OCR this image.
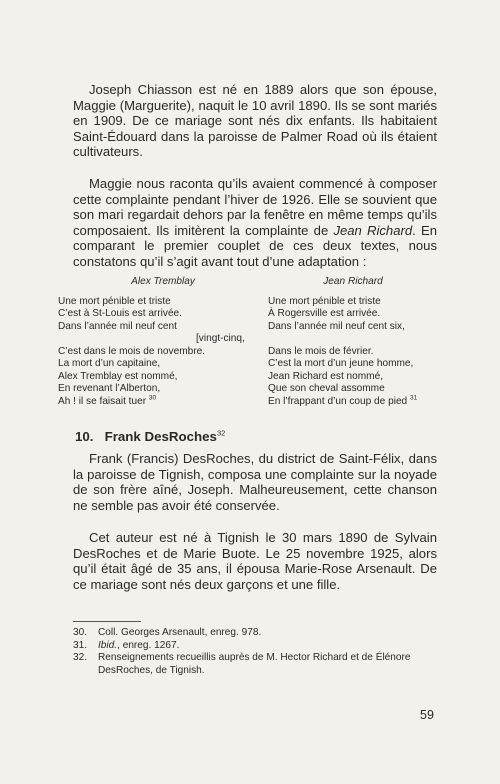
Joseph Chiasson est né en 1889 alors que son épouse, Maggie (Marguerite), naquit le 10 avril 1890. Ils se sont mariés en 1909. De ce mariage sont nés dix enfants. Ils habitaient Saint-Édouard dans la paroisse de Palmer Road où ils étaient cultivateurs.

Maggie nous raconta qu’ils avaient commencé à composer cette complainte pendant l’hiver de 1926. Elle se souvient que son mari regardait dehors par la fenêtre en même temps qu’ils composaient. Ils imitèrent la complainte de Jean Richard. En comparant le premier couplet de ces deux textes, nous constatons qu’il s’agit avant tout d’une adaptation :

Alex Tremblay
Une mort pénible et triste
C’est à St-Louis est arrivée.
Dans l’année mil neuf cent
[vingt-cinq,
C’est dans le mois de novembre.
La mort d’un capitaine,
Alex Tremblay est nommé,
En revenant l’Alberton,
Ah ! il se faisait tuer $^{30}$
Jean Richard
Une mort pénible et triste
À Rogersville est arrivée.
Dans l’année mil neuf cent six,

Dans le mois de février.
C’est la mort d’un jeune homme,
Jean Richard est nommé,
Que son cheval assomme
En l’frappant d’un coup de pied $^{31}$
10. Frank DesRoches$^{32}$

Frank (Francis) DesRoches, du district de Saint-Félix, dans la paroisse de Tignish, composa une complainte sur la noyade de son frère aîné, Joseph. Malheureusement, cette chanson ne semble pas avoir été conservée.

Cet auteur est né à Tignish le 30 mars 1890 de Sylvain DesRoches et de Marie Buote. Le 25 novembre 1925, alors qu’il était âgé de 35 ans, il épousa Marie-Rose Arsenault. De ce mariage sont nés deux garçons et une fille.

30. Coll. Georges Arsenault, enreg. 978.
31. Ibid., enreg. 1267.
32. Renseignements recueillis auprès de M. Hector Richard et de Élénore DesRoches, de Tignish.
59
